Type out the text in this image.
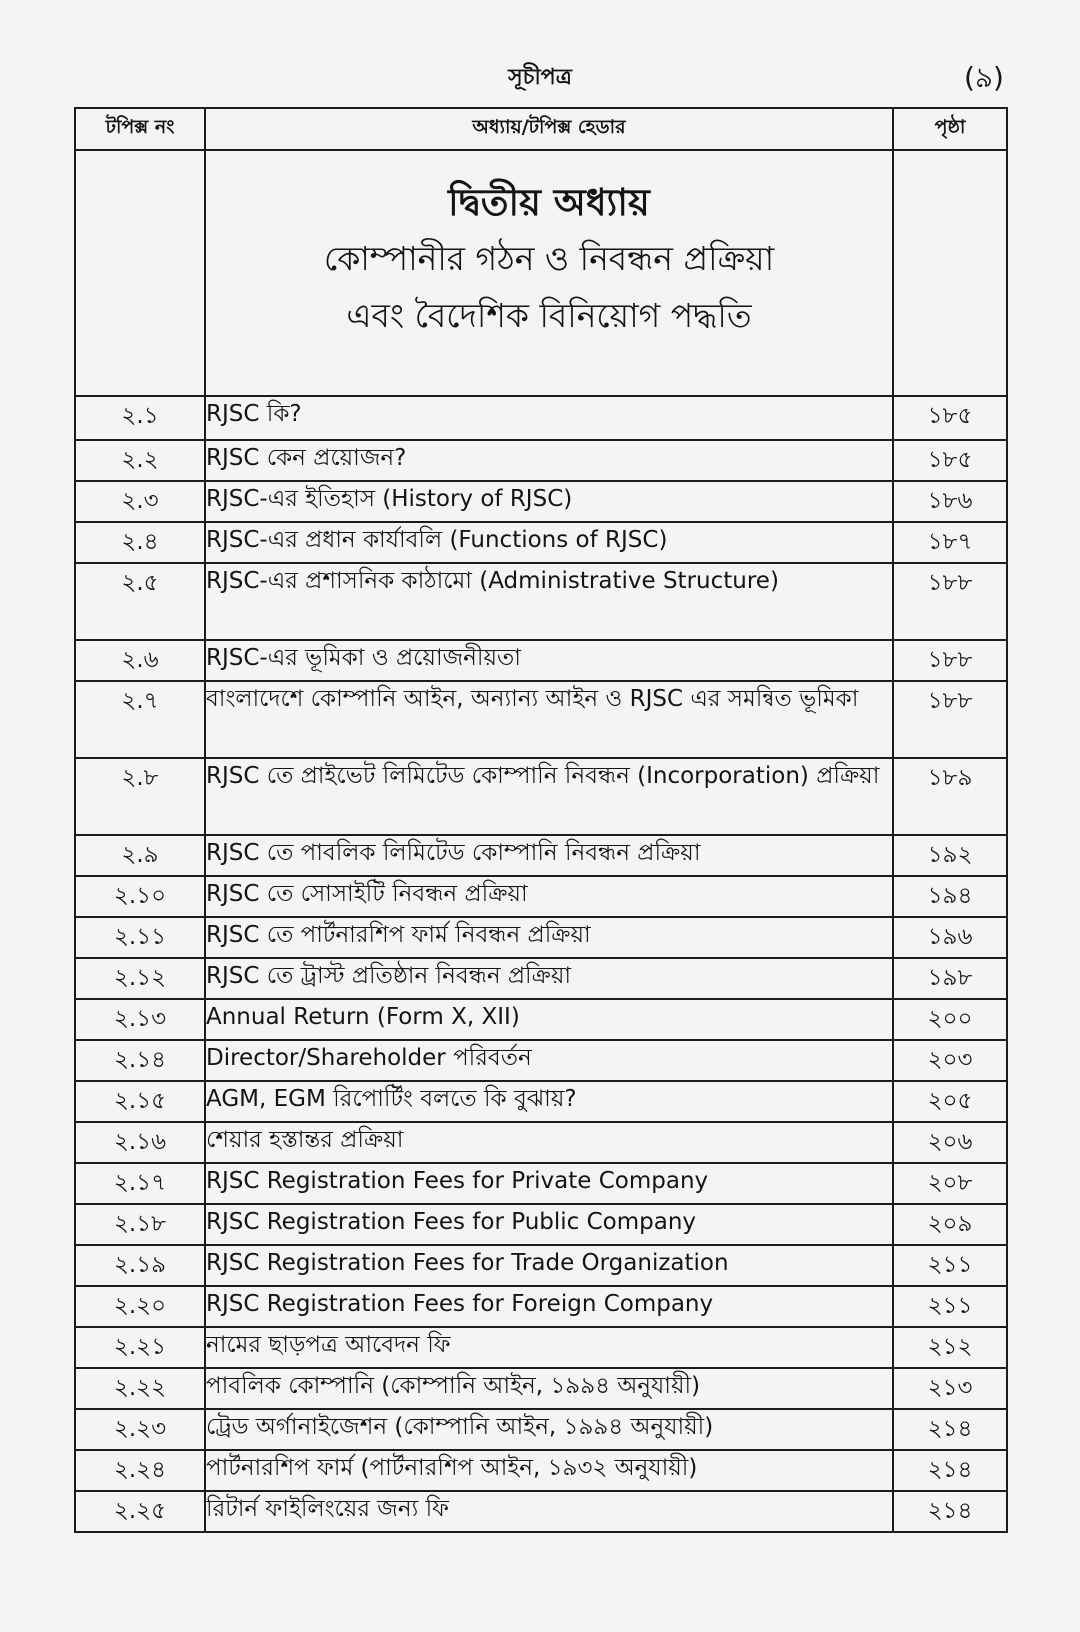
সূচীপত্র	(৯)
টপিক্স নং	অধ্যায়/টপিক্স হেডার	পৃষ্ঠা

	দ্বিতীয় অধ্যায়
কোম্পানীর গঠন ও নিবন্ধন প্রক্রিয়া
এবং বৈদেশিক বিনিয়োগ পদ্ধতি	

২.১	RJSC কি?	১৮৫
২.২	RJSC কেন প্রয়োজন?	১৮৫
২.৩	RJSC-এর ইতিহাস (History of RJSC)	১৮৬
২.৪	RJSC-এর প্রধান কার্যাবলি (Functions of RJSC)	১৮৭
২.৫	RJSC-এর প্রশাসনিক কাঠামো (Administrative Structure)	১৮৮
২.৬	RJSC-এর ভূমিকা ও প্রয়োজনীয়তা	১৮৮
২.৭	বাংলাদেশে কোম্পানি আইন, অন্যান্য আইন ও RJSC এর সমন্বিত ভূমিকা	১৮৮
২.৮	RJSC তে প্রাইভেট লিমিটেড কোম্পানি নিবন্ধন (Incorporation) প্রক্রিয়া	১৮৯
২.৯	RJSC তে পাবলিক লিমিটেড কোম্পানি নিবন্ধন প্রক্রিয়া	১৯২
২.১০	RJSC তে সোসাইটি নিবন্ধন প্রক্রিয়া	১৯৪
২.১১	RJSC তে পার্টনারশিপ ফার্ম নিবন্ধন প্রক্রিয়া	১৯৬
২.১২	RJSC তে ট্রাস্ট প্রতিষ্ঠান নিবন্ধন প্রক্রিয়া	১৯৮
২.১৩	Annual Return (Form X, XII)	২০০
২.১৪	Director/Shareholder পরিবর্তন	২০৩
২.১৫	AGM, EGM রিপোর্টিং বলতে কি বুঝায়?	২০৫
২.১৬	শেয়ার হস্তান্তর প্রক্রিয়া	২০৬
২.১৭	RJSC Registration Fees for Private Company	২০৮
২.১৮	RJSC Registration Fees for Public Company	২০৯
২.১৯	RJSC Registration Fees for Trade Organization	২১১
২.২০	RJSC Registration Fees for Foreign Company	২১১
২.২১	নামের ছাড়পত্র আবেদন ফি	২১২
২.২২	পাবলিক কোম্পানি (কোম্পানি আইন, ১৯৯৪ অনুযায়ী)	২১৩
২.২৩	ট্রেড অর্গানাইজেশন (কোম্পানি আইন, ১৯৯৪ অনুযায়ী)	২১৪
২.২৪	পার্টনারশিপ ফার্ম (পার্টনারশিপ আইন, ১৯৩২ অনুযায়ী)	২১৪
২.২৫	রিটার্ন ফাইলিংয়ের জন্য ফি	২১৪
